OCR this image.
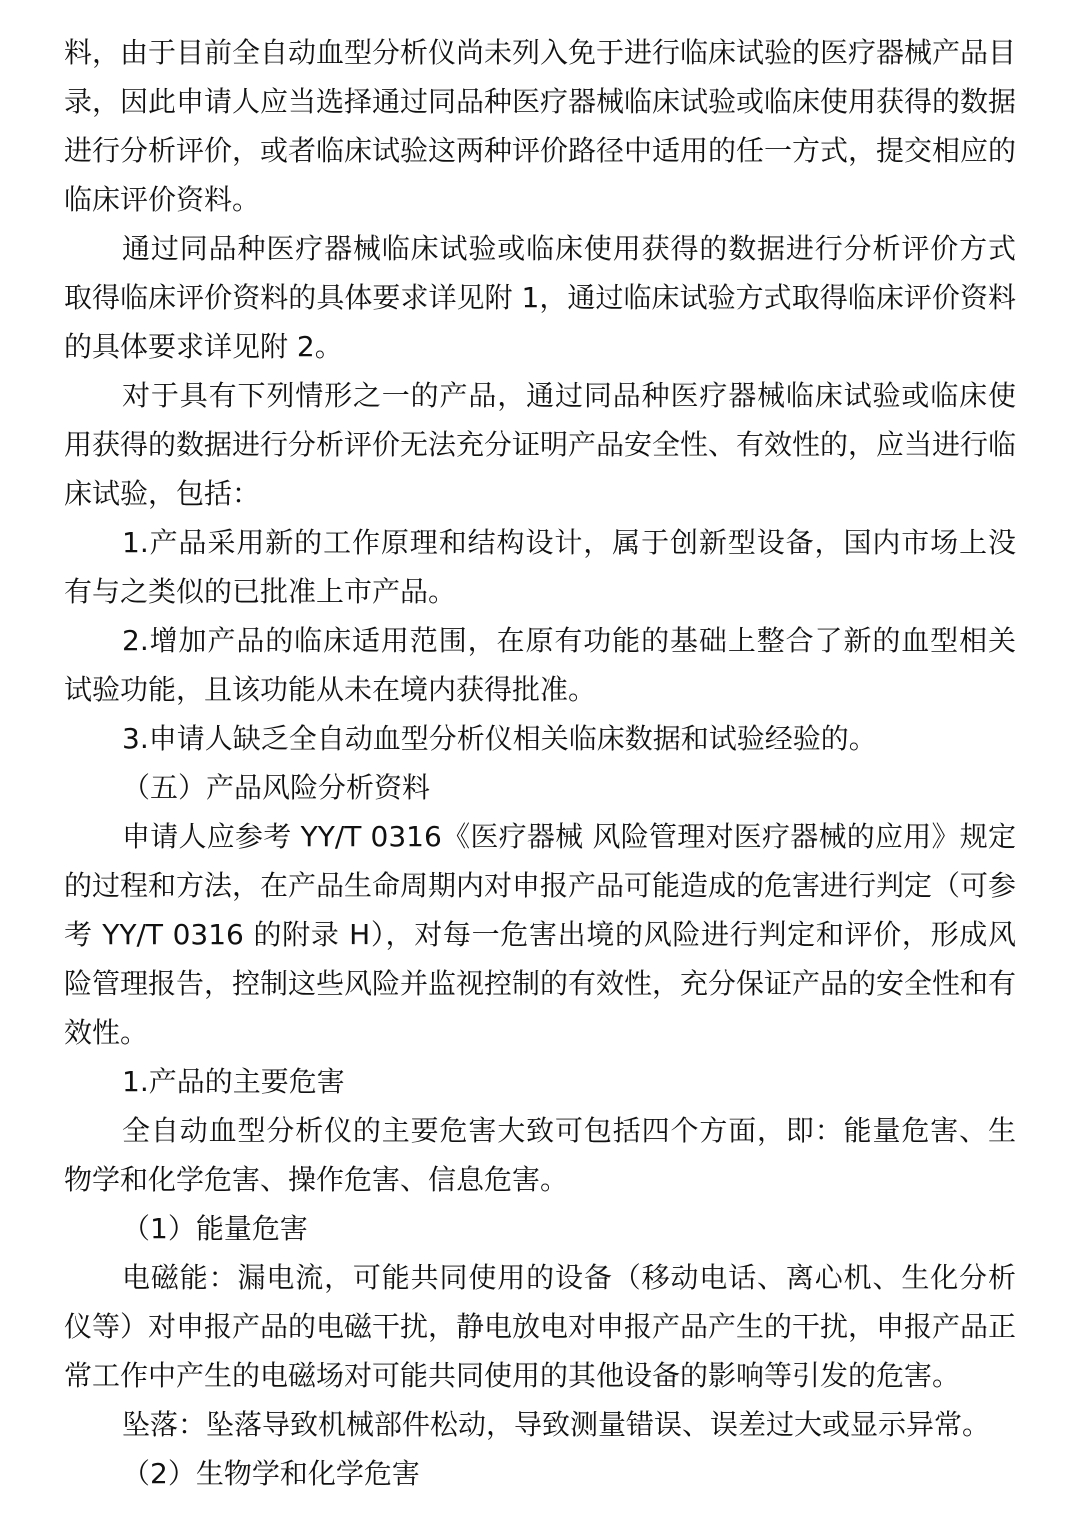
料，由于目前全自动血型分析仪尚未列入免于进行临床试验的医疗器械产品目录，因此申请人应当选择通过同品种医疗器械临床试验或临床使用获得的数据进行分析评价，或者临床试验这两种评价路径中适用的任一方式，提交相应的临床评价资料。

通过同品种医疗器械临床试验或临床使用获得的数据进行分析评价方式取得临床评价资料的具体要求详见附 1，通过临床试验方式取得临床评价资料的具体要求详见附 2。

对于具有下列情形之一的产品，通过同品种医疗器械临床试验或临床使用获得的数据进行分析评价无法充分证明产品安全性、有效性的，应当进行临床试验，包括：

1.产品采用新的工作原理和结构设计，属于创新型设备，国内市场上没有与之类似的已批准上市产品。

2.增加产品的临床适用范围，在原有功能的基础上整合了新的血型相关试验功能，且该功能从未在境内获得批准。

3.申请人缺乏全自动血型分析仪相关临床数据和试验经验的。

（五）产品风险分析资料

申请人应参考 YY/T 0316《医疗器械 风险管理对医疗器械的应用》规定的过程和方法，在产品生命周期内对申报产品可能造成的危害进行判定（可参考 YY/T 0316 的附录 H），对每一危害出境的风险进行判定和评价，形成风险管理报告，控制这些风险并监视控制的有效性，充分保证产品的安全性和有效性。

1.产品的主要危害

全自动血型分析仪的主要危害大致可包括四个方面，即：能量危害、生物学和化学危害、操作危害、信息危害。

（1）能量危害

电磁能：漏电流，可能共同使用的设备（移动电话、离心机、生化分析仪等）对申报产品的电磁干扰，静电放电对申报产品产生的干扰，申报产品正常工作中产生的电磁场对可能共同使用的其他设备的影响等引发的危害。

坠落：坠落导致机械部件松动，导致测量错误、误差过大或显示异常。

（2）生物学和化学危害
